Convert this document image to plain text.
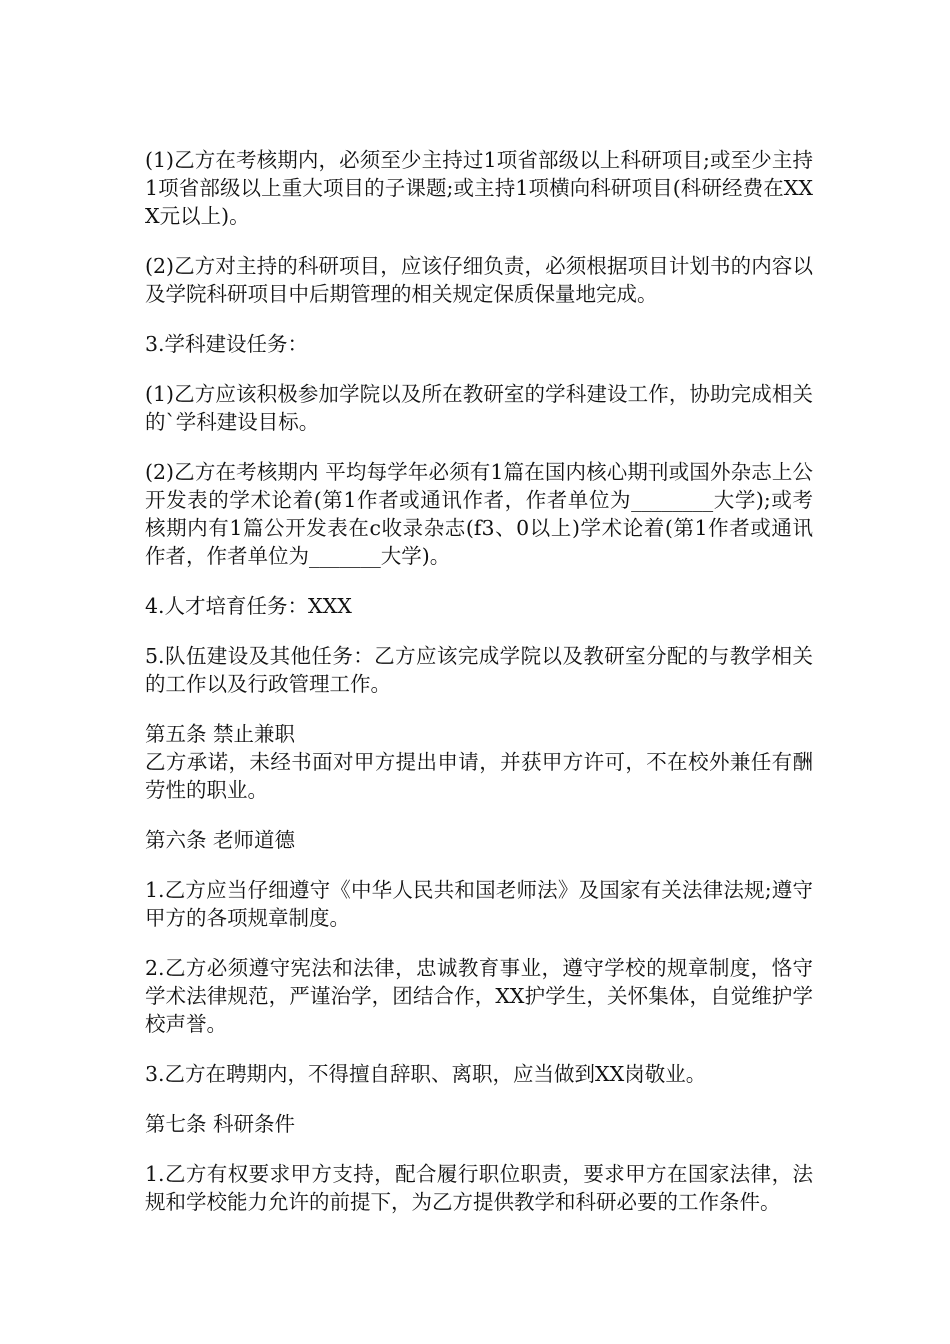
(1)乙方在考核期内，必须至少主持过1项省部级以上科研项目;或至少主持1项省部级以上重大项目的子课题;或主持1项横向科研项目(科研经费在XXX元以上)。

(2)乙方对主持的科研项目，应该仔细负责，必须根据项目计划书的内容以及学院科研项目中后期管理的相关规定保质保量地完成。

3.学科建设任务：

(1)乙方应该积极参加学院以及所在教研室的学科建设工作，协助完成相关的`学科建设目标。

(2)乙方在考核期内 平均每学年必须有1篇在国内核心期刊或国外杂志上公开发表的学术论着(第1作者或通讯作者，作者单位为________大学);或考核期内有1篇公开发表在c收录杂志(f3、0以上)学术论着(第1作者或通讯作者，作者单位为_______大学)。

4.人才培育任务：XXX

5.队伍建设及其他任务：乙方应该完成学院以及教研室分配的与教学相关的工作以及行政管理工作。

第五条 禁止兼职

乙方承诺，未经书面对甲方提出申请，并获甲方许可，不在校外兼任有酬劳性的职业。

第六条 老师道德

1.乙方应当仔细遵守《中华人民共和国老师法》及国家有关法律法规;遵守甲方的各项规章制度。

2.乙方必须遵守宪法和法律，忠诚教育事业，遵守学校的规章制度，恪守学术法律规范，严谨治学，团结合作，XX护学生，关怀集体，自觉维护学校声誉。

3.乙方在聘期内，不得擅自辞职、离职，应当做到XX岗敬业。

第七条 科研条件

1.乙方有权要求甲方支持，配合履行职位职责，要求甲方在国家法律，法规和学校能力允许的前提下，为乙方提供教学和科研必要的工作条件。
